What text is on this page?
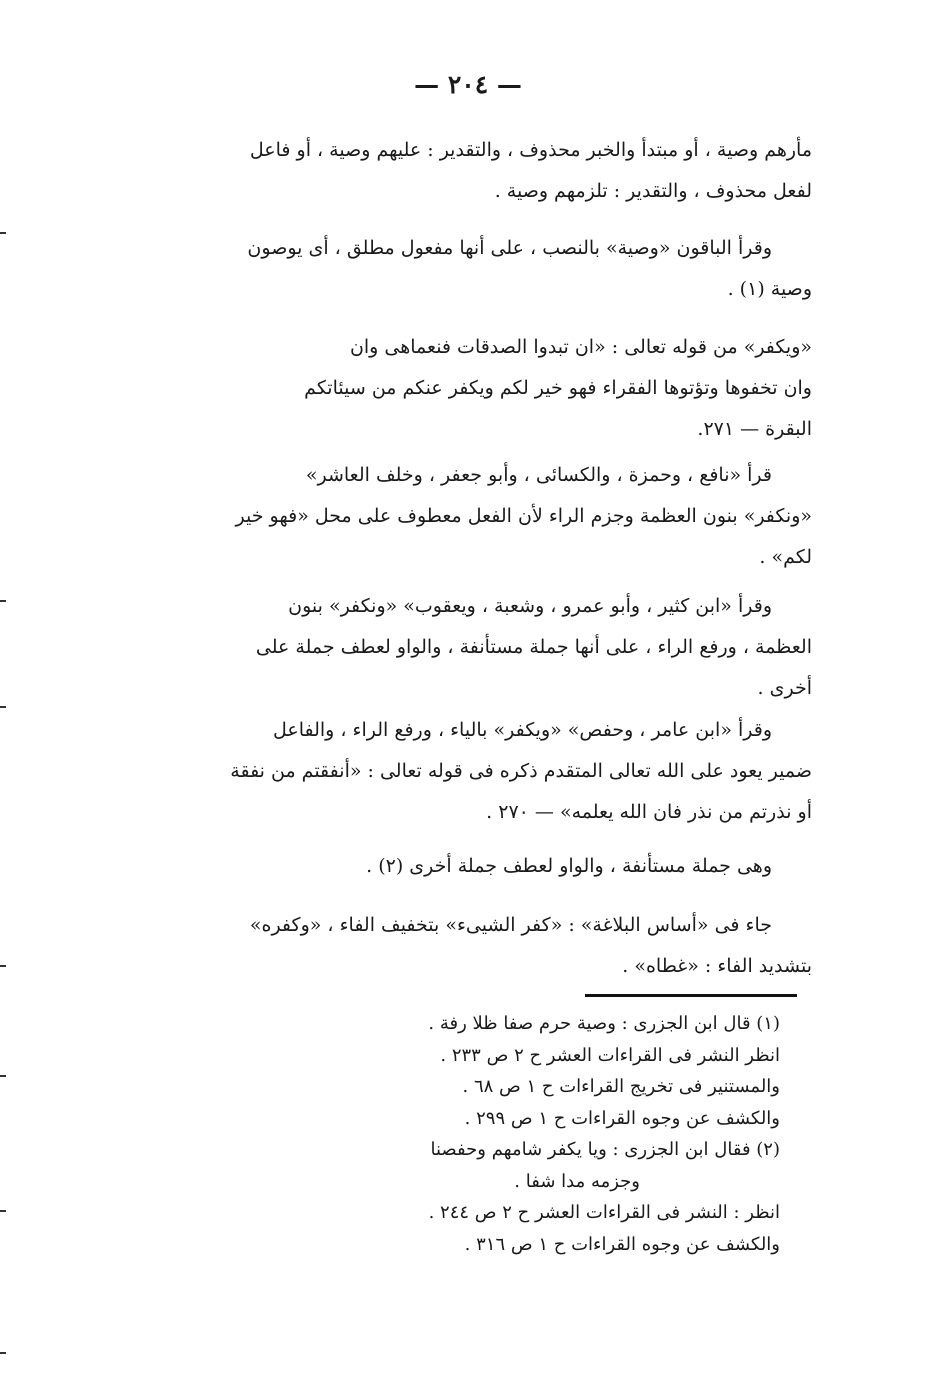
— ٢٠٤ —

مأرهم وصية ، أو مبتدأ والخبر محذوف ، والتقدير : عليهم وصية ، أو فاعل

لفعل محذوف ، والتقدير : تلزمهم وصية .

وقرأ الباقون «وصية» بالنصب ، على أنها مفعول مطلق ، أى يوصون

وصية (١) .

«ويكفر» من قوله تعالى : «ان تبدوا الصدقات فنعماهى وان

وان تخفوها وتؤتوها الفقراء فهو خير لكم ويكفر عنكم من سيئاتكم

البقرة — ٢٧١.

قرأ «نافع ، وحمزة ، والكسائى ، وأبو جعفر ، وخلف العاشر»

«ونكفر» بنون العظمة وجزم الراء لأن الفعل معطوف على محل «فهو خير

لكم» .

وقرأ «ابن كثير ، وأبو عمرو ، وشعبة ، ويعقوب» «ونكفر» بنون

العظمة ، ورفع الراء ، على أنها جملة مستأنفة ، والواو لعطف جملة على

أخرى .

وقرأ «ابن عامر ، وحفص» «ويكفر» بالياء ، ورفع الراء ، والفاعل

ضمير يعود على الله تعالى المتقدم ذكره فى قوله تعالى : «أنفقتم من نفقة

أو نذرتم من نذر فان الله يعلمه» — ٢٧٠ .

وهى جملة مستأنفة ، والواو لعطف جملة أخرى (٢) .

جاء فى «أساس البلاغة» : «كفر الشيىء» بتخفيف الفاء ، «وكفره»

بتشديد الفاء : «غطاه» .

(١) قال ابن الجزرى : وصية حرم صفا ظلا رفة .

انظر النشر فى القراءات العشر ح ٢ ص ٢٣٣ .

والمستنير فى تخريج القراءات ح ١ ص ٦٨ .

والكشف عن وجوه القراءات ح ١ ص ٢٩٩ .

(٢) فقال ابن الجزرى : ويا يكفر شامهم وحفصنا

وجزمه مدا شفا .

انظر : النشر فى القراءات العشر ح ٢ ص ٢٤٤ .

والكشف عن وجوه القراءات ح ١ ص ٣١٦ .
